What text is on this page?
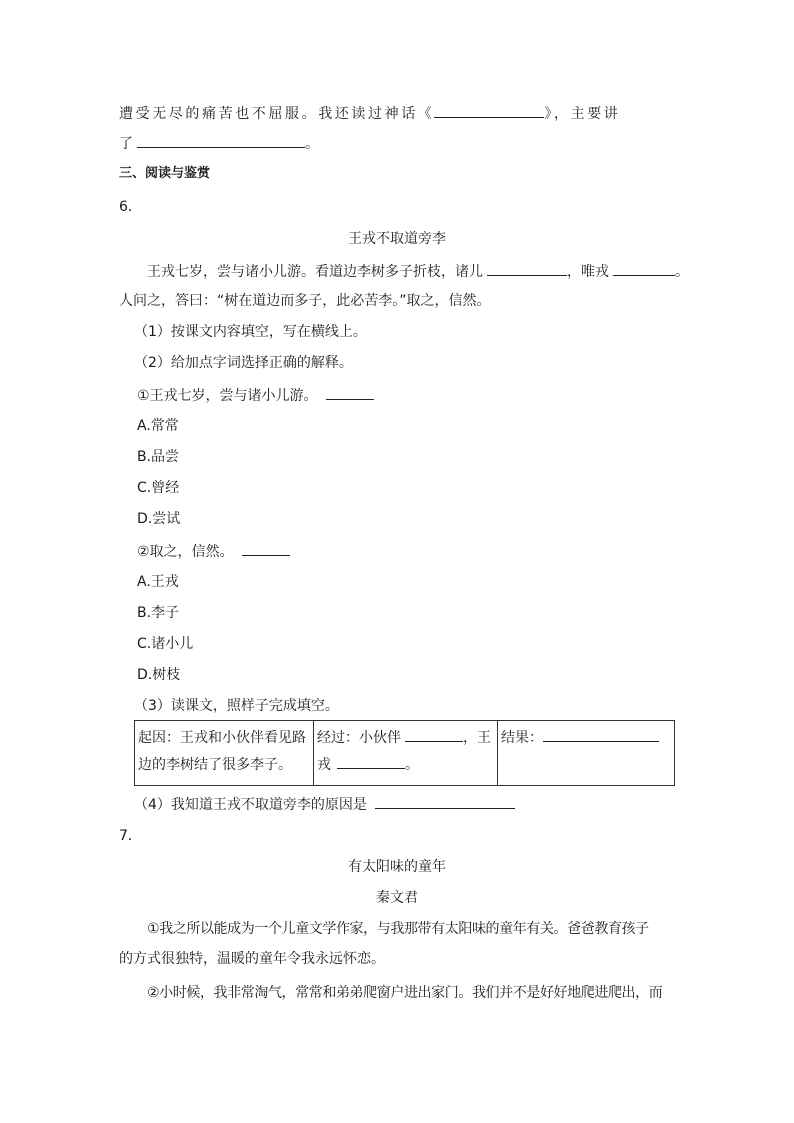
遭受无尽的痛苦也不屈服。我还读过神话《	》，主要讲
了	。
三、阅读与鉴赏
6．
王戎不取道旁李
王戎七岁，尝与诸小儿游。看道边李树多子折枝，诸儿	，唯戎	。
人问之，答曰：“树在道边而多子，此必苦李。”取之，信然。
（1）按课文内容填空，写在横线上。
（2）给加点字词选择正确的解释。
①王戎七岁，尝与诸小儿游。
A.常常
B.品尝
C.曾经
D.尝试
②取之，信然。
A.王戎
B.李子
C.诸小儿
D.树枝
（3）读课文，照样子完成填空。
起因：王戎和小伙伴看见路
边的李树结了很多李子。

经过：小伙伴	，王
戎	。

结果：
（4）我知道王戎不取道旁李的原因是
7．
有太阳味的童年
秦文君
①我之所以能成为一个儿童文学作家，与我那带有太阳味的童年有关。爸爸教育孩子
的方式很独特，温暖的童年令我永远怀恋。
②小时候，我非常淘气，常常和弟弟爬窗户进出家门。我们并不是好好地爬进爬出，而
